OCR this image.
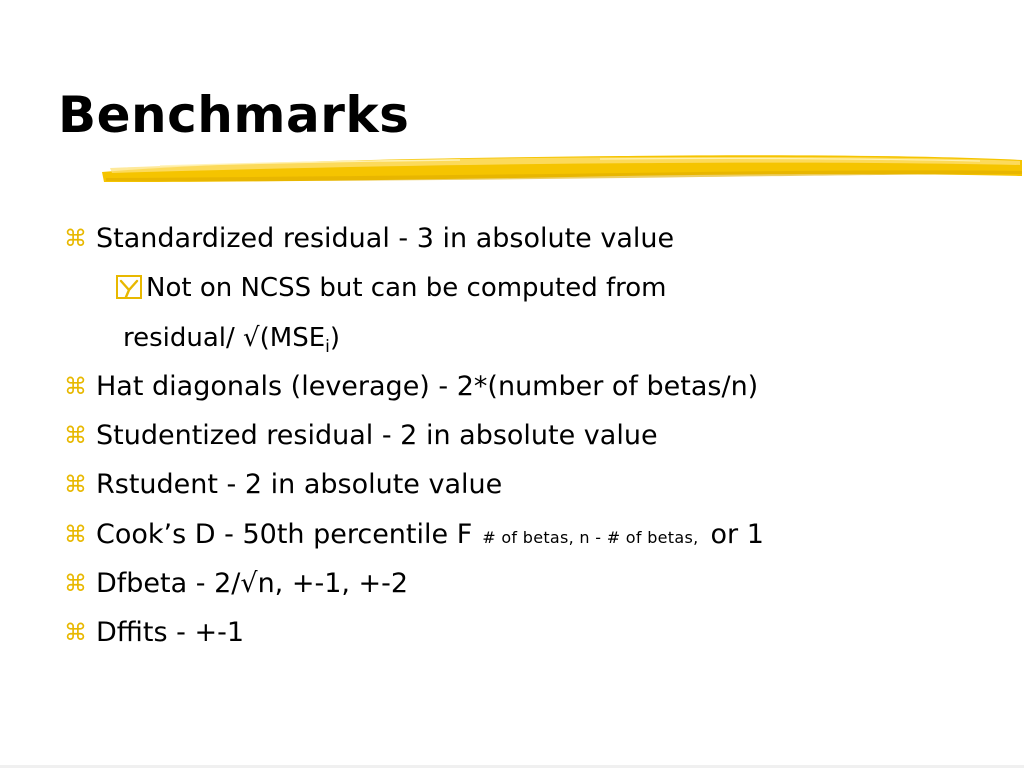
Benchmarks
⌘ Standardized residual - 3 in absolute value
Not on NCSS but can be computed from
residual/ $√(MSE_i)$
⌘ Hat diagonals (leverage) - 2*(number of betas/n)
⌘ Studentized residual - 2 in absolute value
⌘ Rstudent - 2 in absolute value
⌘ Cook’s D - 50th percentile F # of betas, n - # of betas, or 1
⌘ Dfbeta - 2/√n, +-1, +-2
⌘ Dffits - +-1
